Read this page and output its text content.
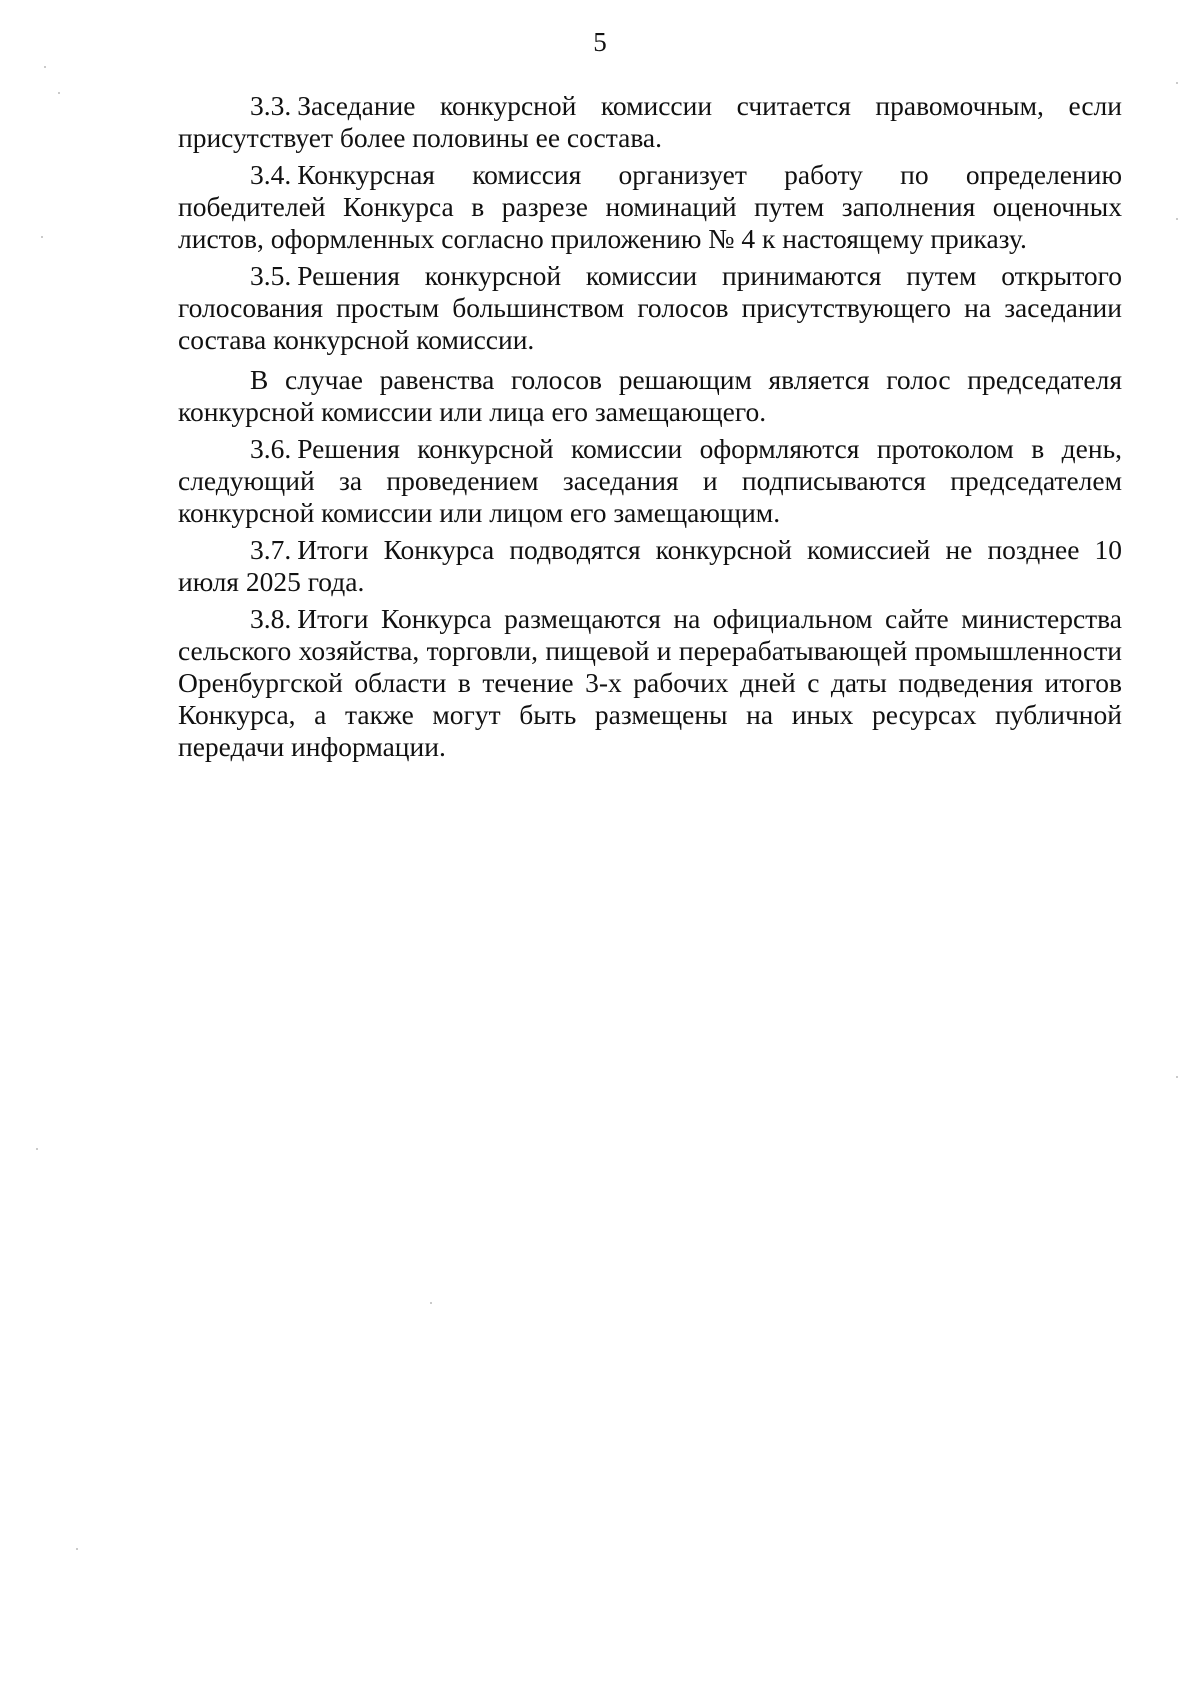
5

3.3. Заседание конкурсной комиссии считается правомочным, если присутствует более половины ее состава.

3.4. Конкурсная комиссия организует работу по определению победителей Конкурса в разрезе номинаций путем заполнения оценочных листов, оформленных согласно приложению № 4 к настоящему приказу.

3.5. Решения конкурсной комиссии принимаются путем открытого голосования простым большинством голосов присутствующего на заседании состава конкурсной комиссии.

В случае равенства голосов решающим является голос председателя конкурсной комиссии или лица его замещающего.

3.6. Решения конкурсной комиссии оформляются протоколом в день, следующий за проведением заседания и подписываются председателем конкурсной комиссии или лицом его замещающим.

3.7. Итоги Конкурса подводятся конкурсной комиссией не позднее 10 июля 2025 года.

3.8. Итоги Конкурса размещаются на официальном сайте министерства сельского хозяйства, торговли, пищевой и перерабатывающей промышленности Оренбургской области в течение 3-х рабочих дней с даты подведения итогов Конкурса, а также могут быть размещены на иных ресурсах публичной передачи информации.
